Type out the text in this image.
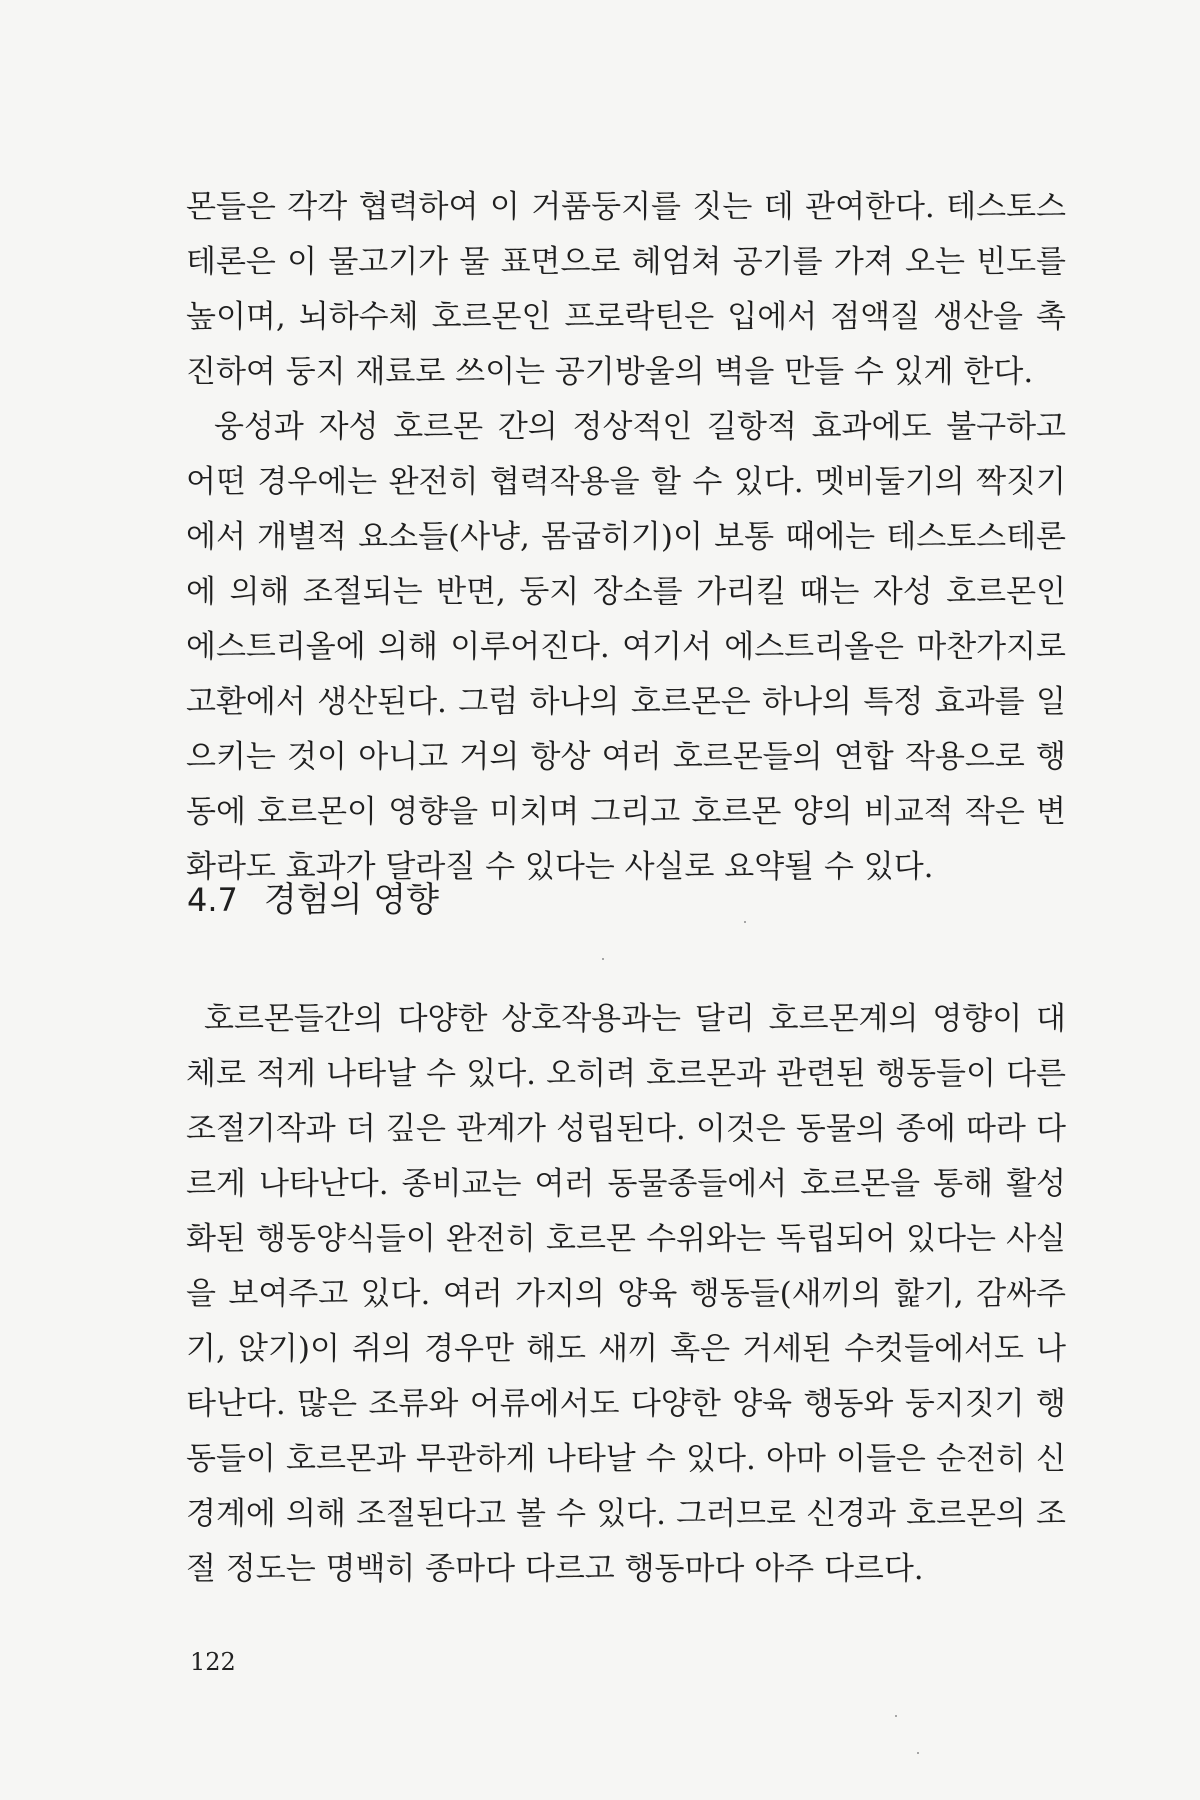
몬들은 각각 협력하여 이 거품둥지를 짓는 데 관여한다. 테스토스테론은 이 물고기가 물 표면으로 헤엄쳐 공기를 가져 오는 빈도를 높이며, 뇌하수체 호르몬인 프로락틴은 입에서 점액질 생산을 촉진하여 둥지 재료로 쓰이는 공기방울의 벽을 만들 수 있게 한다.

웅성과 자성 호르몬 간의 정상적인 길항적 효과에도 불구하고 어떤 경우에는 완전히 협력작용을 할 수 있다. 멧비둘기의 짝짓기에서 개별적 요소들(사냥, 몸굽히기)이 보통 때에는 테스토스테론에 의해 조절되는 반면, 둥지 장소를 가리킬 때는 자성 호르몬인 에스트리올에 의해 이루어진다. 여기서 에스트리올은 마찬가지로 고환에서 생산된다. 그럼 하나의 호르몬은 하나의 특정 효과를 일으키는 것이 아니고 거의 항상 여러 호르몬들의 연합 작용으로 행동에 호르몬이 영향을 미치며 그리고 호르몬 양의 비교적 작은 변화라도 효과가 달라질 수 있다는 사실로 요약될 수 있다.

4.7 경험의 영향

호르몬들간의 다양한 상호작용과는 달리 호르몬계의 영향이 대체로 적게 나타날 수 있다. 오히려 호르몬과 관련된 행동들이 다른 조절기작과 더 깊은 관계가 성립된다. 이것은 동물의 종에 따라 다르게 나타난다. 종비교는 여러 동물종들에서 호르몬을 통해 활성화된 행동양식들이 완전히 호르몬 수위와는 독립되어 있다는 사실을 보여주고 있다. 여러 가지의 양육 행동들(새끼의 핥기, 감싸주기, 앉기)이 쥐의 경우만 해도 새끼 혹은 거세된 수컷들에서도 나타난다. 많은 조류와 어류에서도 다양한 양육 행동와 둥지짓기 행동들이 호르몬과 무관하게 나타날 수 있다. 아마 이들은 순전히 신경계에 의해 조절된다고 볼 수 있다. 그러므로 신경과 호르몬의 조절 정도는 명백히 종마다 다르고 행동마다 아주 다르다.

122
